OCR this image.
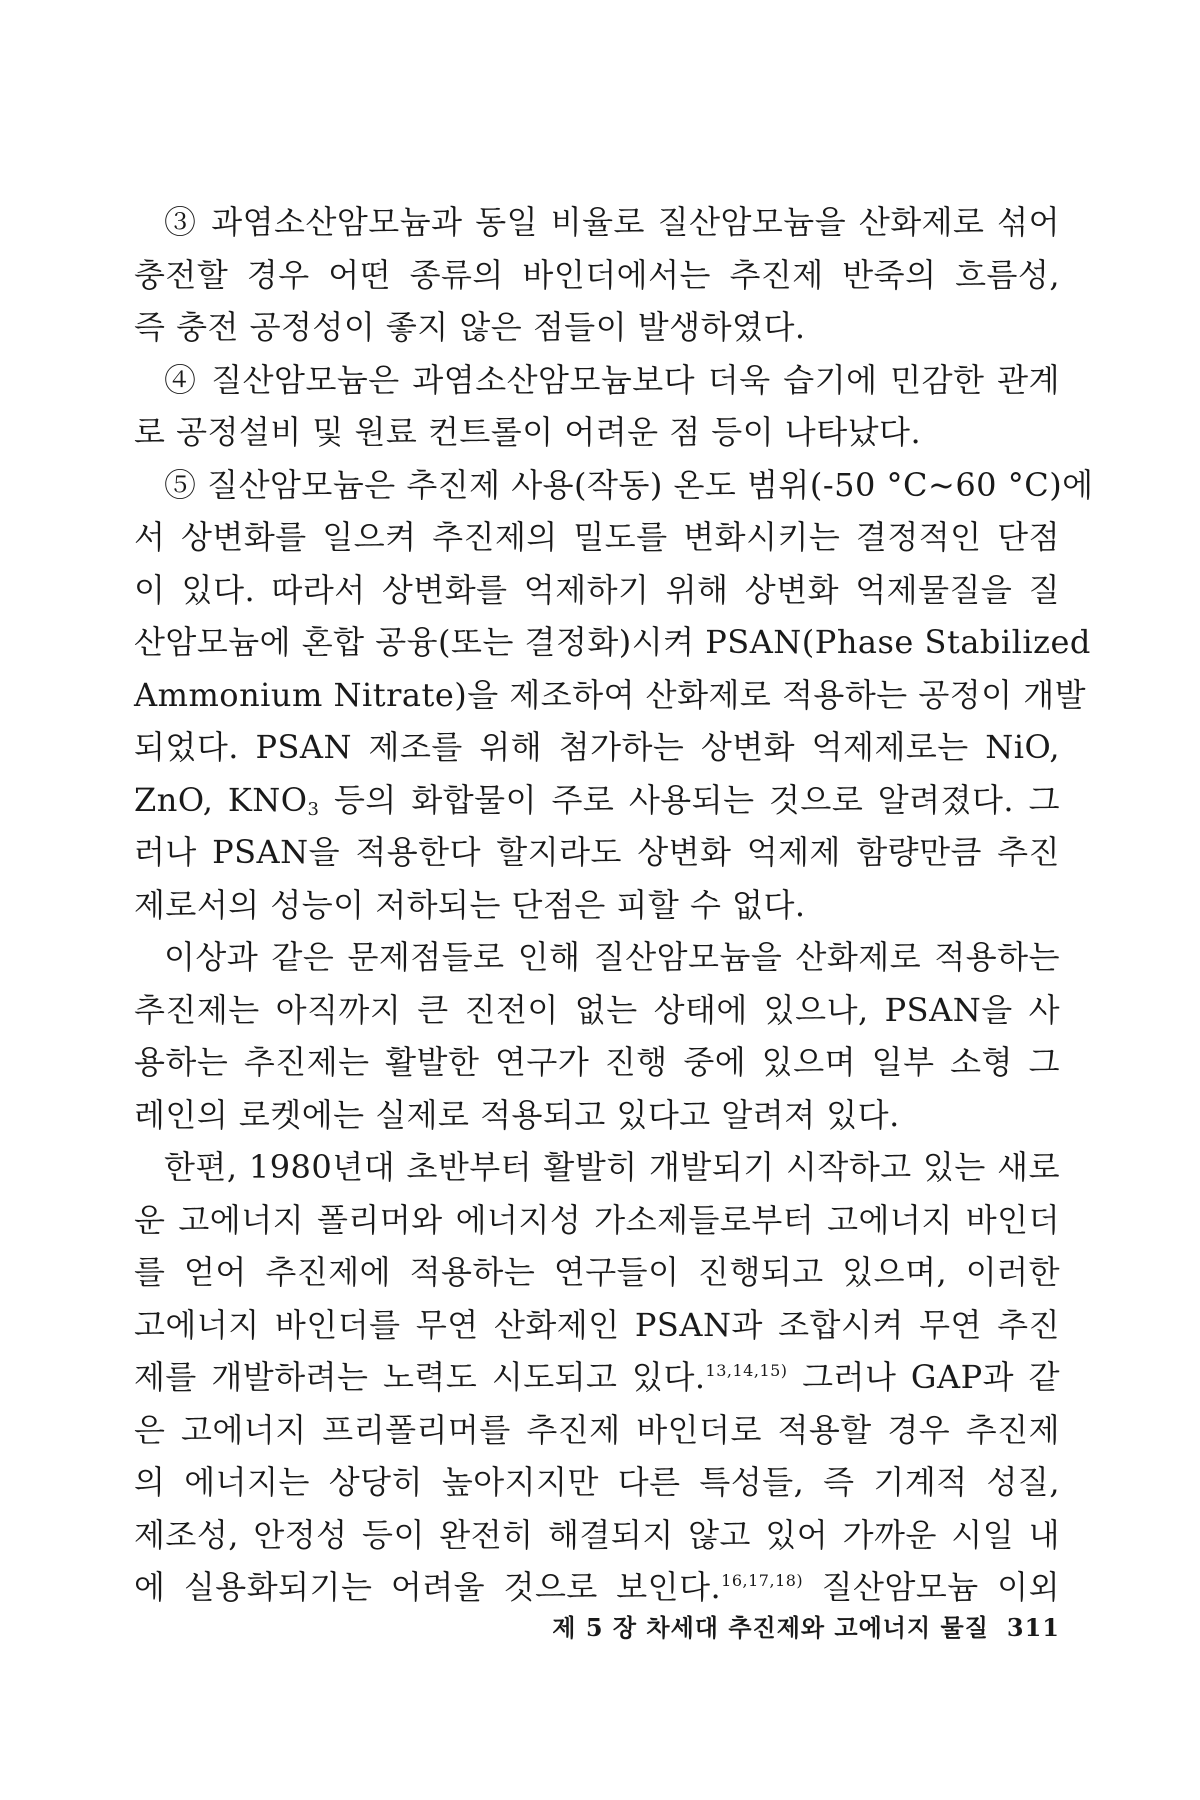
③ 과염소산암모늄과 동일 비율로 질산암모늄을 산화제로 섞어
충전할 경우 어떤 종류의 바인더에서는 추진제 반죽의 흐름성,
즉 충전 공정성이 좋지 않은 점들이 발생하였다.
④ 질산암모늄은 과염소산암모늄보다 더욱 습기에 민감한 관계
로 공정설비 및 원료 컨트롤이 어려운 점 등이 나타났다.
⑤ 질산암모늄은 추진제 사용(작동) 온도 범위(-50 °C~60 °C)에
서 상변화를 일으켜 추진제의 밀도를 변화시키는 결정적인 단점
이 있다. 따라서 상변화를 억제하기 위해 상변화 억제물질을 질
산암모늄에 혼합 공융(또는 결정화)시켜 PSAN(Phase Stabilized
Ammonium Nitrate)을 제조하여 산화제로 적용하는 공정이 개발
되었다. PSAN 제조를 위해 첨가하는 상변화 억제제로는 NiO,
ZnO, $KNO_3$ 등의 화합물이 주로 사용되는 것으로 알려졌다. 그
러나 PSAN을 적용한다 할지라도 상변화 억제제 함량만큼 추진
제로서의 성능이 저하되는 단점은 피할 수 없다.
이상과 같은 문제점들로 인해 질산암모늄을 산화제로 적용하는
추진제는 아직까지 큰 진전이 없는 상태에 있으나, PSAN을 사
용하는 추진제는 활발한 연구가 진행 중에 있으며 일부 소형 그
레인의 로켓에는 실제로 적용되고 있다고 알려져 있다.
한편, 1980년대 초반부터 활발히 개발되기 시작하고 있는 새로
운 고에너지 폴리머와 에너지성 가소제들로부터 고에너지 바인더
를 얻어 추진제에 적용하는 연구들이 진행되고 있으며, 이러한
고에너지 바인더를 무연 산화제인 PSAN과 조합시켜 무연 추진
제를 개발하려는 노력도 시도되고 있다.$^{13,14,15)}$ 그러나 GAP과 같
은 고에너지 프리폴리머를 추진제 바인더로 적용할 경우 추진제
의 에너지는 상당히 높아지지만 다른 특성들, 즉 기계적 성질,
제조성, 안정성 등이 완전히 해결되지 않고 있어 가까운 시일 내
에 실용화되기는 어려울 것으로 보인다.$^{16,17,18)}$ 질산암모늄 이외
제 5 장 차세대 추진제와 고에너지 물질 311
